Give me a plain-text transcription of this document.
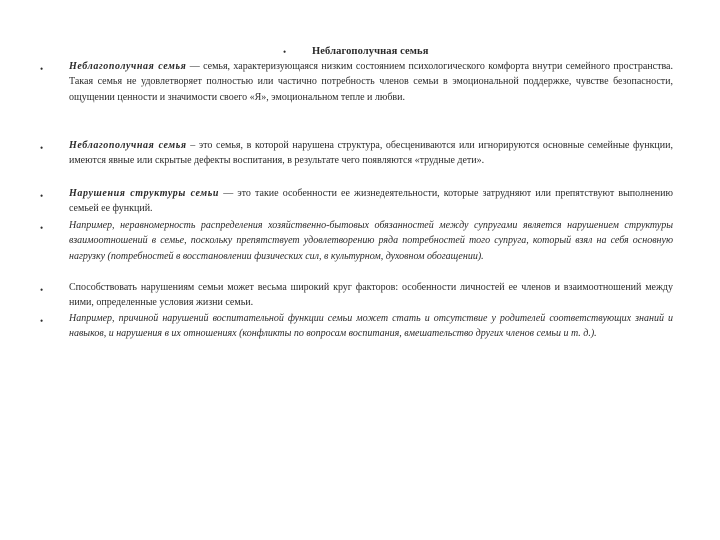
• Неблагополучная семья
•	Неблагополучная семья — семья, характеризующаяся низким состоянием психологического комфорта внутри семейного пространства. Такая семья не удовлетворяет полностью или частично потребность членов семьи в эмоциональной поддержке, чувстве безопасности, ощущении ценности и значимости своего «Я», эмоциональном тепле и любви.
•	Неблагополучная семья – это семья, в которой нарушена структура, обесцениваются или игнорируются основные семейные функции, имеются явные или скрытые дефекты воспитания, в результате чего появляются «трудные дети».
•	Нарушения структуры семьи — это такие особенности ее жизнедеятельности, которые затрудняют или препятствуют выполнению семьей ее функций.
•	Например, неравномерность распределения хозяйственно-бытовых обязанностей между супругами является нарушением структуры взаимоотношений в семье, поскольку препятствует удовлетворению ряда потребностей того супруга, который взял на себя основную нагрузку (потребностей в восстановлении физических сил, в культурном, духовном обогащении).
•	Способствовать нарушениям семьи может весьма широкий круг факторов: особенности личностей ее членов и взаимоотношений между ними, определенные условия жизни семьи.
•	Например, причиной нарушений воспитательной функции семьи может стать и отсутствие у родителей соответствующих знаний и навыков, и нарушения в их отношениях (конфликты по вопросам воспитания, вмешательство других членов семьи и т. д.).
